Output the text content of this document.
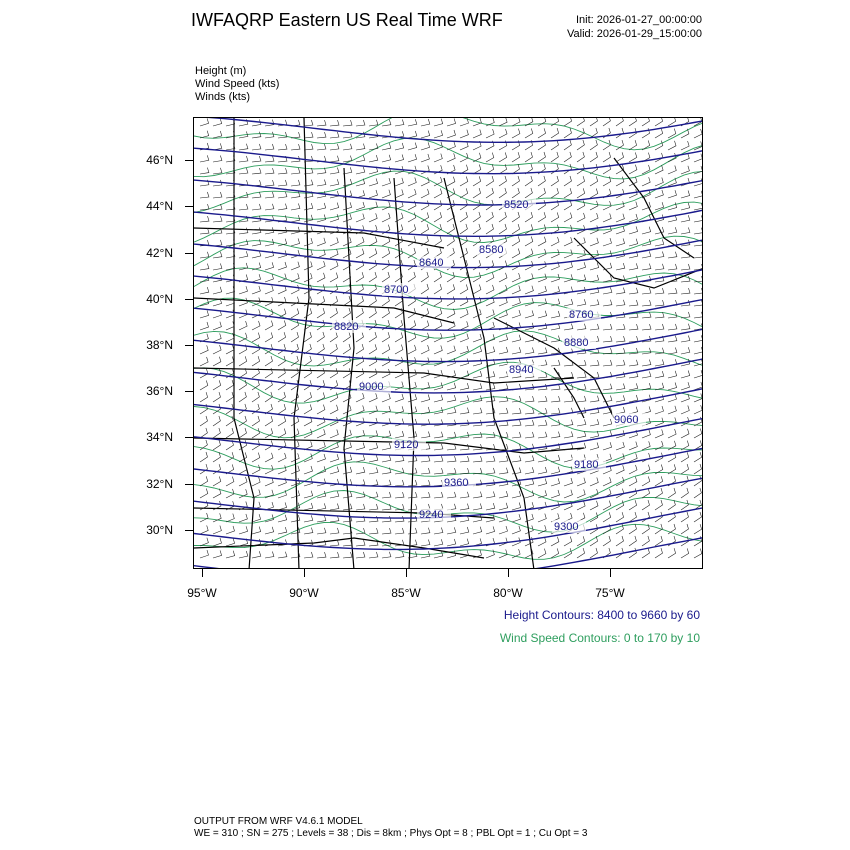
IWFAQRP Eastern US Real Time WRF	Init: 2026-01-27_00:00:00
Valid: 2026-01-29_15:00:00
Height (m)
Wind Speed (kts)
Winds (kts)
8520
8580
8640
8700
8760
8820
8880
8940
9000
9060
9120
9180
9240
9300
9360
46°N
44°N
42°N
40°N
38°N
36°N
34°N
32°N
30°N
95°W	90°W	85°W	80°W	75°W
Height Contours: 8400 to 9660 by 60
Wind Speed Contours: 0 to 170 by 10
OUTPUT FROM WRF V4.6.1 MODEL
WE = 310 ; SN = 275 ; Levels = 38 ; Dis = 8km ; Phys Opt = 8 ; PBL Opt = 1 ; Cu Opt = 3
